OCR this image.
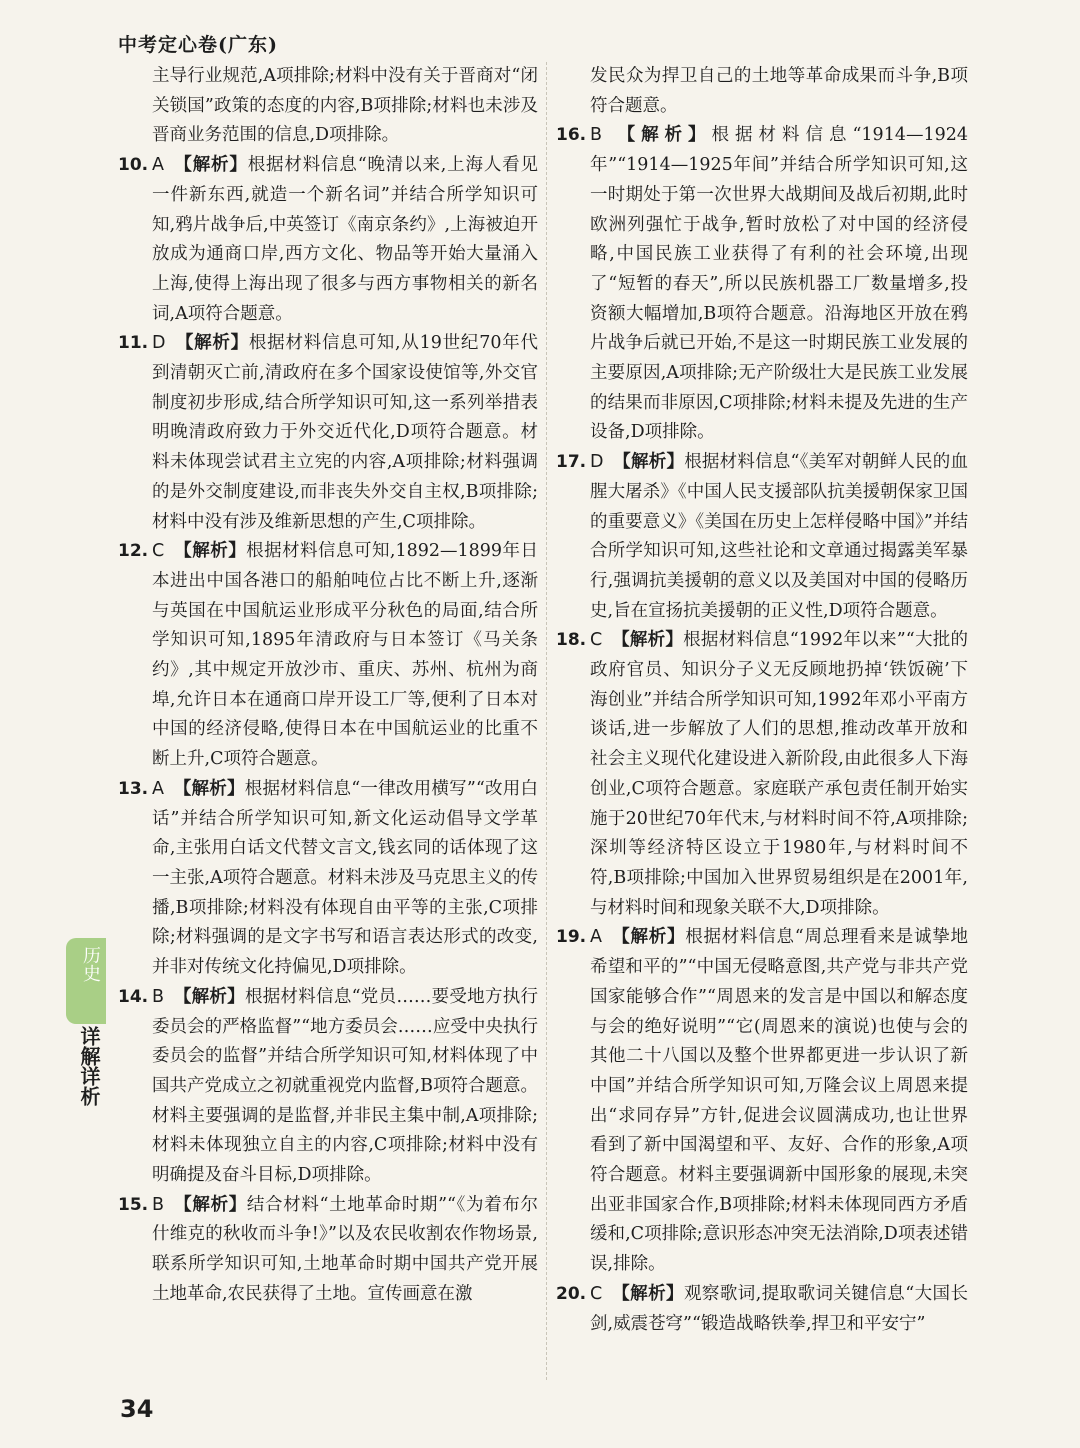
中考定心卷(广东)
主导行业规范,A项排除;材料中没有关于晋商对“闭关锁国”政策的态度的内容,B项排除;材料也未涉及晋商业务范围的信息,D项排除。
10. A 【解析】根据材料信息“晚清以来,上海人看见一件新东西,就造一个新名词”并结合所学知识可知,鸦片战争后,中英签订《南京条约》,上海被迫开放成为通商口岸,西方文化、物品等开始大量涌入上海,使得上海出现了很多与西方事物相关的新名词,A项符合题意。
11. D 【解析】根据材料信息可知,从19世纪70年代到清朝灭亡前,清政府在多个国家设使馆等,外交官制度初步形成,结合所学知识可知,这一系列举措表明晚清政府致力于外交近代化,D项符合题意。材料未体现尝试君主立宪的内容,A项排除;材料强调的是外交制度建设,而非丧失外交自主权,B项排除;材料中没有涉及维新思想的产生,C项排除。
12. C 【解析】根据材料信息可知,1892—1899年日本进出中国各港口的船舶吨位占比不断上升,逐渐与英国在中国航运业形成平分秋色的局面,结合所学知识可知,1895年清政府与日本签订《马关条约》,其中规定开放沙市、重庆、苏州、杭州为商埠,允许日本在通商口岸开设工厂等,便利了日本对中国的经济侵略,使得日本在中国航运业的比重不断上升,C项符合题意。
13. A 【解析】根据材料信息“一律改用横写”“改用白话”并结合所学知识可知,新文化运动倡导文学革命,主张用白话文代替文言文,钱玄同的话体现了这一主张,A项符合题意。材料未涉及马克思主义的传播,B项排除;材料没有体现自由平等的主张,C项排除;材料强调的是文字书写和语言表达形式的改变,并非对传统文化持偏见,D项排除。
14. B 【解析】根据材料信息“党员……要受地方执行委员会的严格监督”“地方委员会……应受中央执行委员会的监督”并结合所学知识可知,材料体现了中国共产党成立之初就重视党内监督,B项符合题意。材料主要强调的是监督,并非民主集中制,A项排除;材料未体现独立自主的内容,C项排除;材料中没有明确提及奋斗目标,D项排除。
15. B 【解析】结合材料“土地革命时期”“《为着布尔什维克的秋收而斗争!》”以及农民收割农作物场景,联系所学知识可知,土地革命时期中国共产党开展土地革命,农民获得了土地。宣传画意在激
发民众为捍卫自己的土地等革命成果而斗争,B项符合题意。
16. B 【解析】根据材料信息“1914—1924年”“1914—1925年间”并结合所学知识可知,这一时期处于第一次世界大战期间及战后初期,此时欧洲列强忙于战争,暂时放松了对中国的经济侵略,中国民族工业获得了有利的社会环境,出现了“短暂的春天”,所以民族机器工厂数量增多,投资额大幅增加,B项符合题意。沿海地区开放在鸦片战争后就已开始,不是这一时期民族工业发展的主要原因,A项排除;无产阶级壮大是民族工业发展的结果而非原因,C项排除;材料未提及先进的生产设备,D项排除。
17. D 【解析】根据材料信息“《美军对朝鲜人民的血腥大屠杀》《中国人民支援部队抗美援朝保家卫国的重要意义》《美国在历史上怎样侵略中国》”并结合所学知识可知,这些社论和文章通过揭露美军暴行,强调抗美援朝的意义以及美国对中国的侵略历史,旨在宣扬抗美援朝的正义性,D项符合题意。
18. C 【解析】根据材料信息“1992年以来”“大批的政府官员、知识分子义无反顾地扔掉‘铁饭碗’下海创业”并结合所学知识可知,1992年邓小平南方谈话,进一步解放了人们的思想,推动改革开放和社会主义现代化建设进入新阶段,由此很多人下海创业,C项符合题意。家庭联产承包责任制开始实施于20世纪70年代末,与材料时间不符,A项排除;深圳等经济特区设立于1980年,与材料时间不符,B项排除;中国加入世界贸易组织是在2001年,与材料时间和现象关联不大,D项排除。
19. A 【解析】根据材料信息“周总理看来是诚挚地希望和平的”“中国无侵略意图,共产党与非共产党国家能够合作”“周恩来的发言是中国以和解态度与会的绝好说明”“它(周恩来的演说)也使与会的其他二十八国以及整个世界都更进一步认识了新中国”并结合所学知识可知,万隆会议上周恩来提出“求同存异”方针,促进会议圆满成功,也让世界看到了新中国渴望和平、友好、合作的形象,A项符合题意。材料主要强调新中国形象的展现,未突出亚非国家合作,B项排除;材料未体现同西方矛盾缓和,C项排除;意识形态冲突无法消除,D项表述错误,排除。
20. C 【解析】观察歌词,提取歌词关键信息“大国长剑,威震苍穹”“锻造战略铁拳,捍卫和平安宁”
历史
详解详析
34
